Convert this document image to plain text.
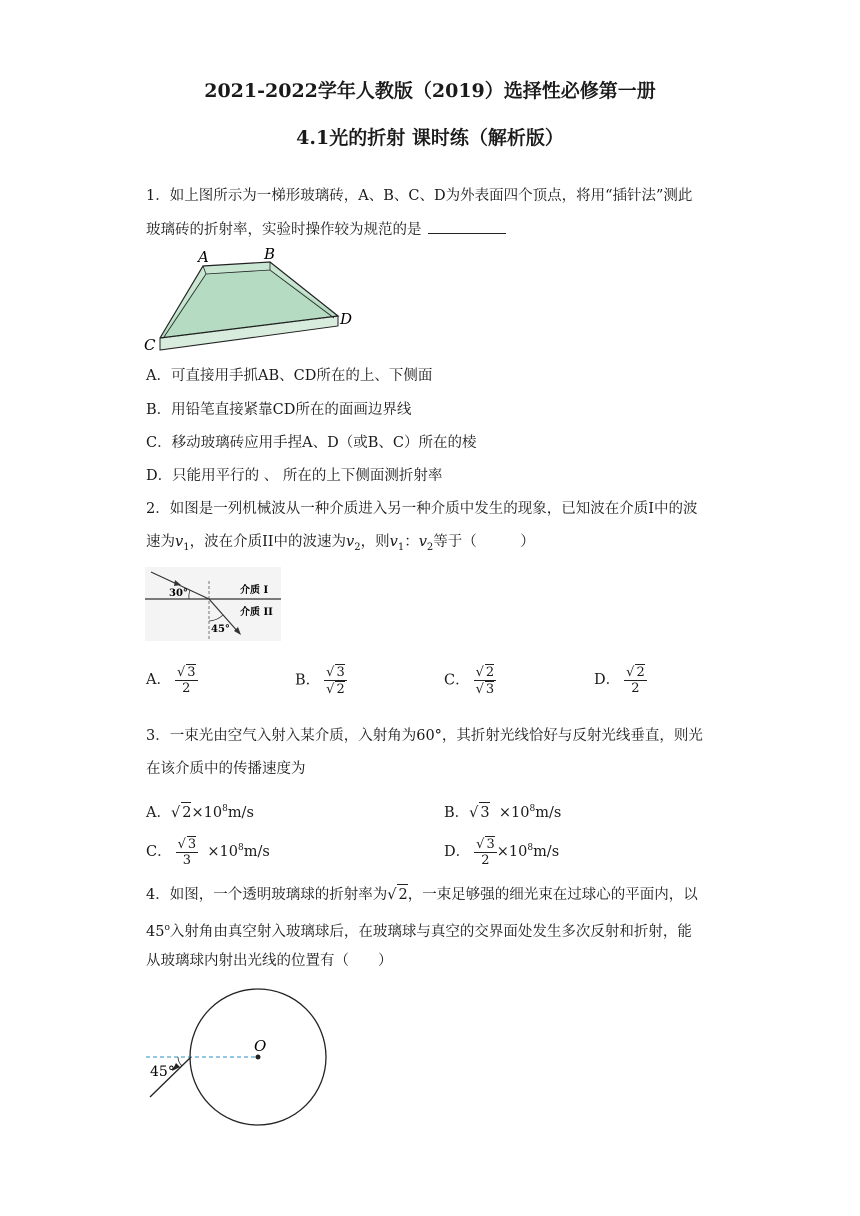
2021-2022学年人教版（2019）选择性必修第一册
4.1光的折射 课时练（解析版）
1．如上图所示为一梯形玻璃砖，A、B、C、D为外表面四个顶点，将用“插针法”测此
玻璃砖的折射率，实验时操作较为规范的是
A	B
C
D
A．可直接用手抓AB、CD所在的上、下侧面
B．用铅笔直接紧靠CD所在的面画边界线
C．移动玻璃砖应用手捏A、D（或B、C）所在的棱
D．只能用平行的 、 所在的上下侧面测折射率
2．如图是一列机械波从一种介质进入另一种介质中发生的现象，已知波在介质I中的波
速为$v_1$，波在介质II中的波速为$v_2$，则$v_1$：$v_2$等于（　　　）
30°
45°
介质 I
介质 II
A． $\frac{√ 3}{2}$	B． $\frac{√ 3}{√ 2}$	C． $\frac{√ 2}{√ 3}$	D． $\frac{√ 2}{2}$
3．一束光由空气入射入某介质，入射角为60°，其折射光线恰好与反射光线垂直，则光
在该介质中的传播速度为
A．√ $2\times 10^8m/s$	B．√ $3 \times 10^8m/s$
C． $\frac{√ 3}{3} \times 10^8m/s$	D． $\frac{√ 3}{2} \times 10^8m/s$
4．如图，一个透明玻璃球的折射率为√ 2，一束足够强的细光束在过球心的平面内，以
45$^o$入射角由真空射入玻璃球后，在玻璃球与真空的交界面处发生多次反射和折射，能
从玻璃球内射出光线的位置有（　　）
O
45°
